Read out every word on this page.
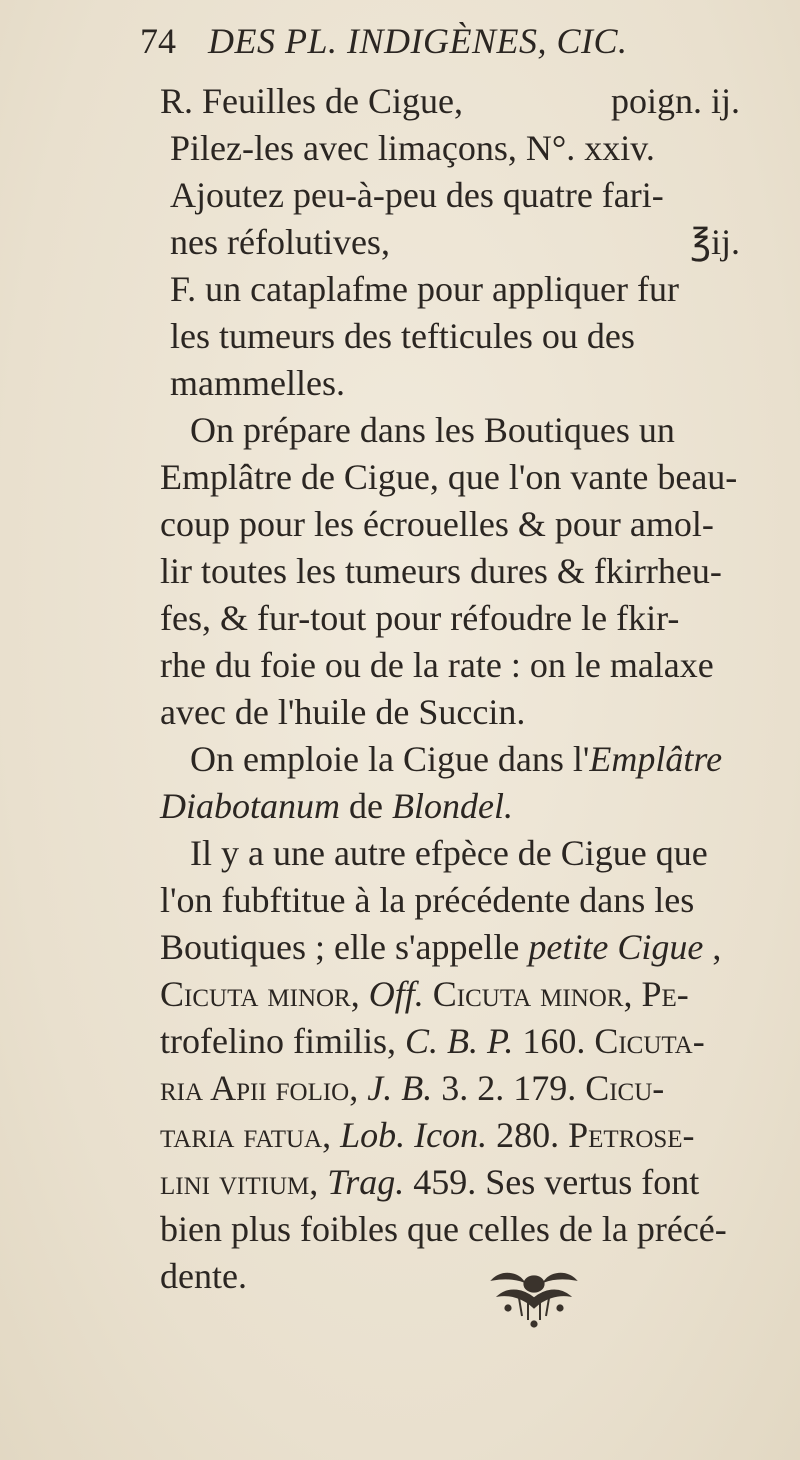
74 DES PL. INDIGÈNES, CIC.
R. Feuilles de Cigue,	poign. ij.
Pilez-les avec limaçons, N°. xxiv.
Ajoutez peu-à-peu des quatre fari-
nes réfolutives,	℥ij.
F. un cataplafme pour appliquer fur
les tumeurs des tefticules ou des
mammelles.
On prépare dans les Boutiques un
Emplâtre de Cigue, que l'on vante beau-
coup pour les écrouelles & pour amol-
lir toutes les tumeurs dures & fkirrheu-
fes, & fur-tout pour réfoudre le fkir-
rhe du foie ou de la rate : on le malaxe
avec de l'huile de Succin.
On emploie la Cigue dans l'Emplâtre
Diabotanum de Blondel.
Il y a une autre efpèce de Cigue que
l'on fubftitue à la précédente dans les
Boutiques ; elle s'appelle petite Cigue ,
Cicuta minor, Off. Cicuta minor, Pe-
trofelino fimilis, C. B. P. 160. Cicuta-
ria Apii folio, J. B. 3. 2. 179. Cicu-
taria fatua, Lob. Icon. 280. Petrose-
lini vitium, Trag. 459. Ses vertus font
bien plus foibles que celles de la précé-
dente.
